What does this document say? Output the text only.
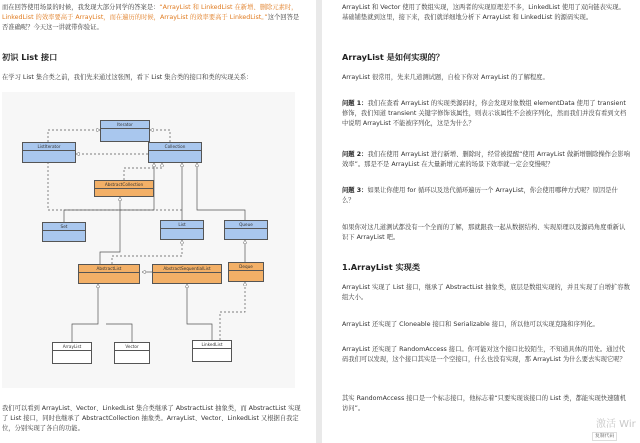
而在回答使用场景的时候，我发现大部分同学的答案是：“ArrayList 和 LinkedList 在新增、删除元素时，LinkedList 的效率要高于 ArrayList，而在遍历的时候，ArrayList 的效率要高于 LinkedList。”这个回答是否准确呢？今天这一讲就带你验证。

初识 List 接口

在学习 List 集合类之前，我们先来通过这张图，看下 List 集合类的接口和类的实现关系：

Iterator
ListIterator	Collection
AbstractCollection
Set	List	Queue
AbstractList	AbstractSequentialList	Deque
ArrayList	Vector	LinkedList

我们可以看到 ArrayList、Vector、LinkedList 集合类继承了 AbstractList 抽象类，而 AbstractList 实现了 List 接口，同时也继承了 AbstractCollection 抽象类。ArrayList、Vector、LinkedList 又根据自我定位，分别实现了各自的功能。

ArrayList 和 Vector 使用了数组实现，这两者的实现原理差不多，LinkedList 使用了双向链表实现。基础铺垫就到这里，接下来，我们就详细地分析下 ArrayList 和 LinkedList 的源码实现。

ArrayList 是如何实现的？

ArrayList 很常用，先来几道测试题，自检下你对 ArrayList 的了解程度。

问题 1：我们在查看 ArrayList 的实现类源码时，你会发现对象数组 elementData 使用了 transient 修饰，我们知道 transient 关键字修饰该属性，则表示该属性不会被序列化，然而我们并没有看到文档中说明 ArrayList 不能被序列化，这是为什么？

问题 2：我们在使用 ArrayList 进行新增、删除时，经常被提醒“使用 ArrayList 做新增删除操作会影响效率”。那是不是 ArrayList 在大量新增元素的场景下效率就一定会变慢呢？

问题 3：如果让你使用 for 循环以及迭代循环遍历一个 ArrayList，你会使用哪种方式呢？原因是什么？

如果你对这几道测试都没有一个全面的了解，那就跟我一起从数据结构、实现原理以及源码角度重新认识下 ArrayList 吧。

1.ArrayList 实现类

ArrayList 实现了 List 接口，继承了 AbstractList 抽象类，底层是数组实现的，并且实现了自增扩容数组大小。

ArrayList 还实现了 Cloneable 接口和 Serializable 接口，所以他可以实现克隆和序列化。

ArrayList 还实现了 RandomAccess 接口。你可能对这个接口比较陌生，不知道具体的用处。通过代码我们可以发现，这个接口其实是一个空接口，什么也没有实现，那 ArrayList 为什么要去实现它呢？

其实 RandomAccess 接口是一个标志接口，他标志着“只要实现该接口的 List 类，都能实现快速随机访问”。

激活 Wir
复制代码
